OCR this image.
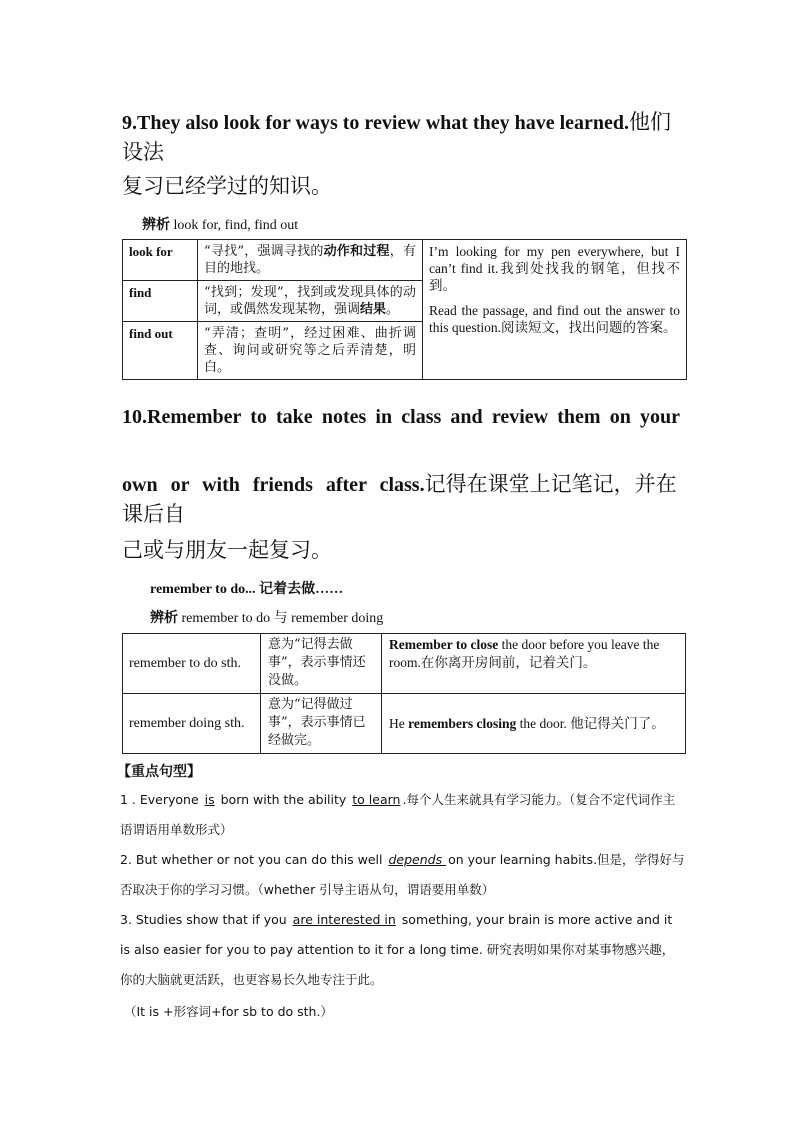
9.They also look for ways to review what they have learned.他们设法
复习已经学过的知识。
辨析 look for, find, find out
look for	“寻找”，强调寻找的动作和过程，有目的地找。	I’m looking for my pen everywhere, but I can’t find it.我到处找我的钢笔，但找不到。

Read the passage, and find out the answer to this question.阅读短文，找出问题的答案。

find	“找到；发现”，找到或发现具体的动词，或偶然发现某物，强调结果。	
find out	“弄清；查明”，经过困难、曲折调查、询问或研究等之后弄清楚，明白。	
10.Remember to take notes in class and review them on your
own or with friends after class.记得在课堂上记笔记，并在课后自
己或与朋友一起复习。
remember to do... 记着去做……
辨析 remember to do 与 remember doing
remember to do sth.	意为“记得去做事”，表示事情还没做。	Remember to close the door before you leave the room.在你离开房间前，记着关门。
remember doing sth.	意为“记得做过事”，表示事情已经做完。	He remembers closing the door. 他记得关门了。
【重点句型】
1 . Everyone is born with the ability to learn .每个人生来就具有学习能力。（复合不定代词作主语谓语用单数形式）
2. But whether or not you can do this well depends on your learning habits.但是，学得好与否取决于你的学习习惯。（whether 引导主语从句，谓语要用单数）
3. Studies show that if you are interested in something, your brain is more active and it is also easier for you to pay attention to it for a long time. 研究表明如果你对某事物感兴趣，你的大脑就更活跃，也更容易长久地专注于此。
（It is +形容词+for sb to do sth.）
